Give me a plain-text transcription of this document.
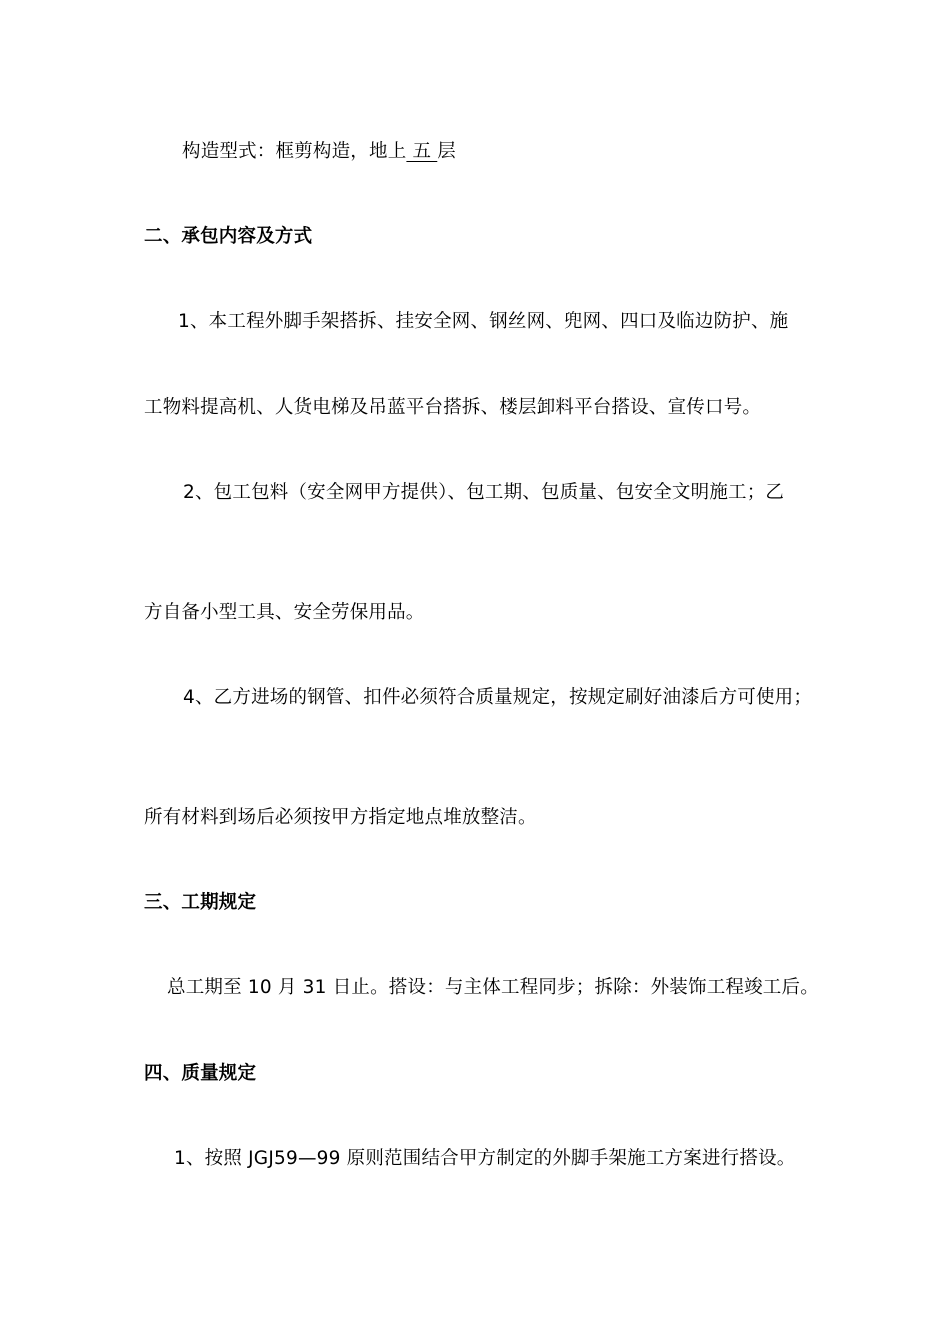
构造型式：框剪构造，地上 五 层
二、承包内容及方式
1、本工程外脚手架搭拆、挂安全网、钢丝网、兜网、四口及临边防护、施
工物料提高机、人货电梯及吊蓝平台搭拆、楼层卸料平台搭设、宣传口号。
2、包工包料（安全网甲方提供）、包工期、包质量、包安全文明施工；乙
方自备小型工具、安全劳保用品。
4、乙方进场的钢管、扣件必须符合质量规定，按规定刷好油漆后方可使用；
所有材料到场后必须按甲方指定地点堆放整洁。
三、工期规定
总工期至 10 月 31 日止。搭设：与主体工程同步；拆除：外装饰工程竣工后。
四、质量规定
1、按照 JGJ59—99 原则范围结合甲方制定的外脚手架施工方案进行搭设。
